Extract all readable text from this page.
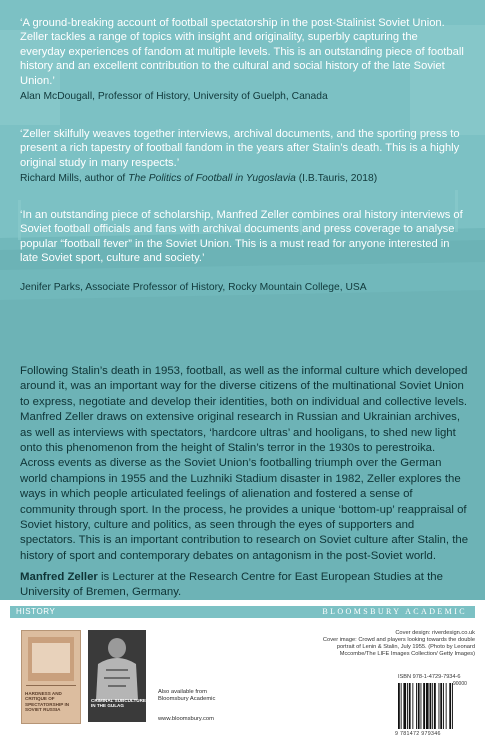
‘A ground-breaking account of football spectatorship in the post-Stalinist Soviet Union. Zeller tackles a range of topics with insight and originality, superbly capturing the everyday experiences of fandom at multiple levels. This is an outstanding piece of football history and an excellent contribution to the cultural and social history of the late Soviet Union.’
Alan McDougall, Professor of History, University of Guelph, Canada
‘Zeller skilfully weaves together interviews, archival documents, and the sporting press to present a rich tapestry of football fandom in the years after Stalin’s death. This is a highly original study in many respects.’
Richard Mills, author of The Politics of Football in Yugoslavia (I.B.Tauris, 2018)
‘In an outstanding piece of scholarship, Manfred Zeller combines oral history interviews of Soviet football officials and fans with archival documents and press coverage to analyse popular “football fever” in the Soviet Union. This is a must read for anyone interested in late Soviet sport, culture and society.’
Jenifer Parks, Associate Professor of History, Rocky Mountain College, USA
Following Stalin’s death in 1953, football, as well as the informal culture which developed around it, was an important way for the diverse citizens of the multinational Soviet Union to express, negotiate and develop their identities, both on individual and collective levels. Manfred Zeller draws on extensive original research in Russian and Ukrainian archives, as well as interviews with spectators, ‘hardcore ultras’ and hooligans, to shed new light onto this phenomenon from the height of Stalin’s terror in the 1930s to perestroika. Across events as diverse as the Soviet Union’s footballing triumph over the German world champions in 1955 and the Luzhniki Stadium disaster in 1982, Zeller explores the ways in which people articulated feelings of alienation and fostered a sense of community through sport. In the process, he provides a unique ‘bottom-up’ reappraisal of Soviet history, culture and politics, as seen through the eyes of supporters and spectators. This is an important contribution to research on Soviet culture after Stalin, the history of sport and contemporary debates on antagonism in the post-Soviet world.
Manfred Zeller is Lecturer at the Research Centre for East European Studies at the University of Bremen, Germany.
HISTORY	BLOOMSBURY ACADEMIC
HARDNESS AND CRITIQUE OF SPECTATORSHIP IN SOVIET RUSSIA
CRIMINAL SUBCULTURE IN THE GULAG
Also available from
Bloomsbury Academic
www.bloomsbury.com
Cover design: riverdesign.co.uk
Cover image: Crowd and players looking towards the double
portrait of Lenin & Stalin, July 1955. (Photo by Leonard
Mccombe/The LIFE Images Collection/ Getty Images)
ISBN 978-1-4729-7934-6
90000
9 781472 979346
